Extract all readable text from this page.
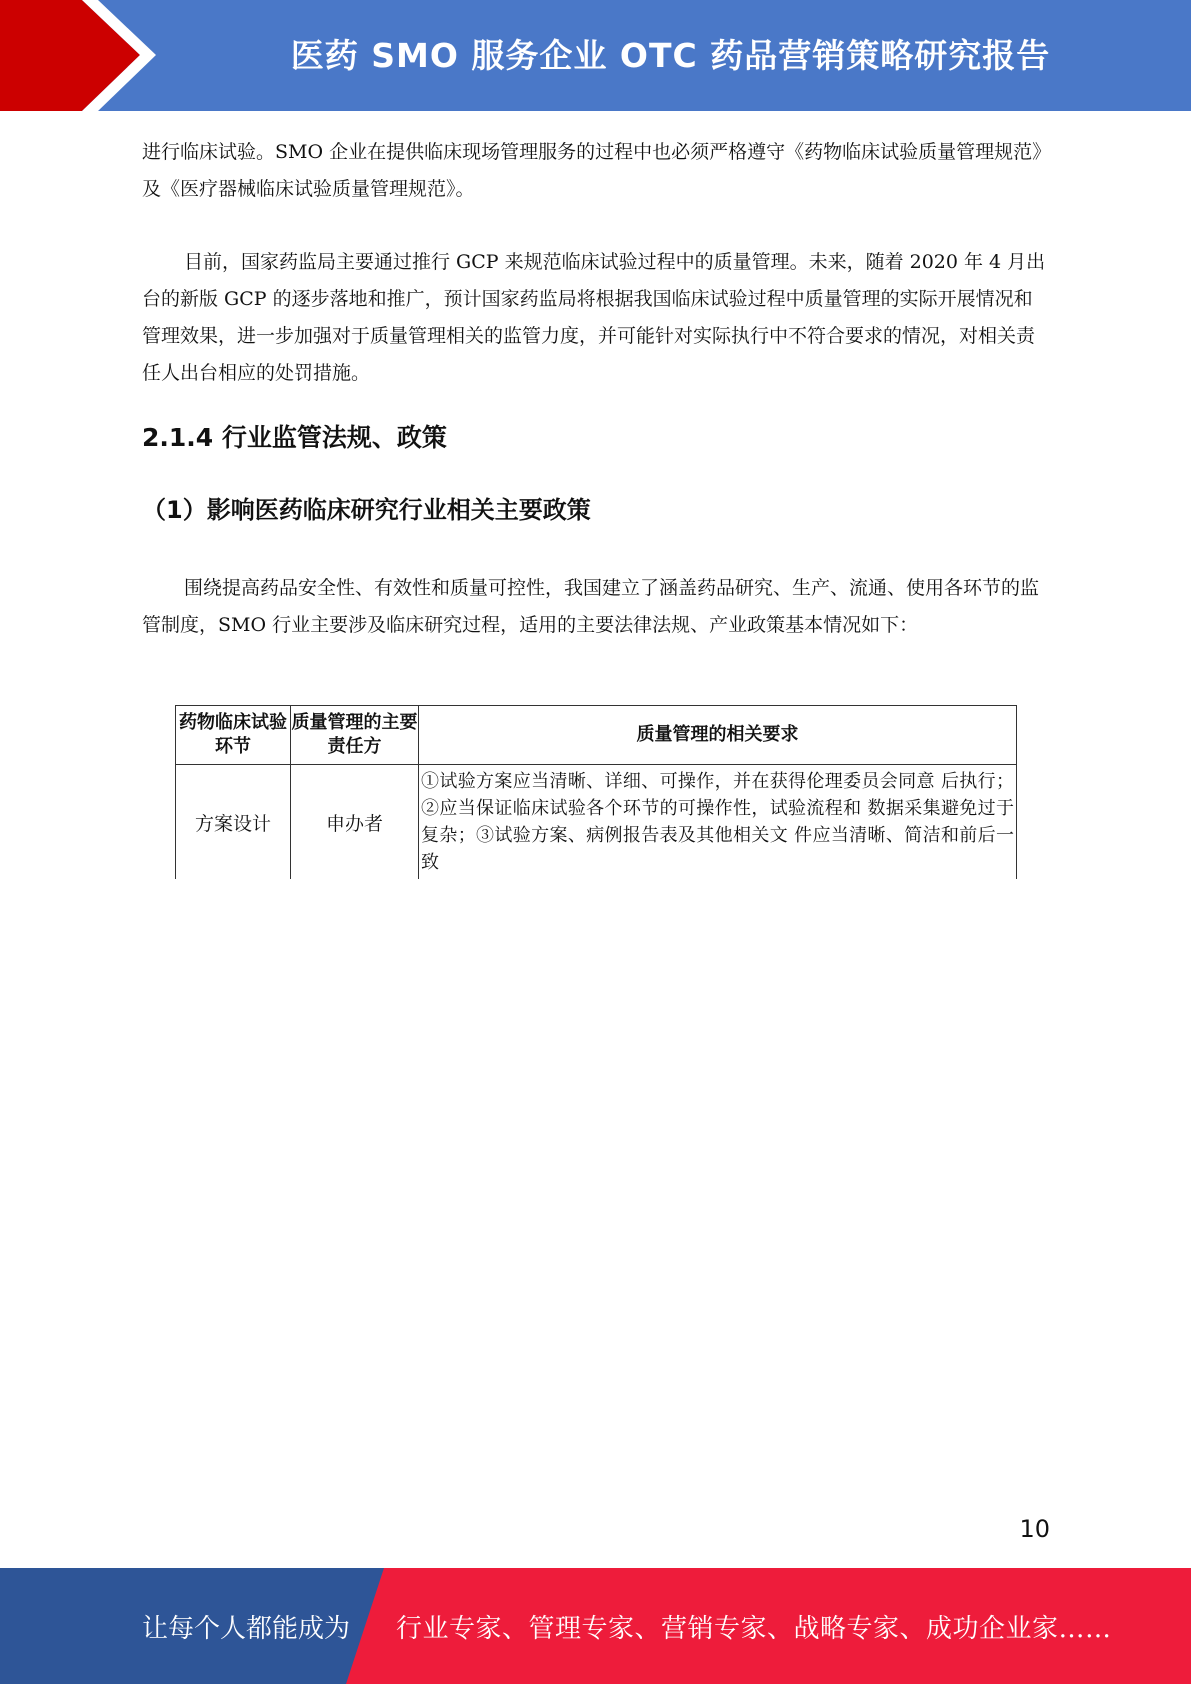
医药 SMO 服务企业 OTC 药品营销策略研究报告

进行临床试验。SMO 企业在提供临床现场管理服务的过程中也必须严格遵守《药物临床试验质量管理规范》及《医疗器械临床试验质量管理规范》。

目前，国家药监局主要通过推行 GCP 来规范临床试验过程中的质量管理。未来，随着 2020 年 4 月出台的新版 GCP 的逐步落地和推广，预计国家药监局将根据我国临床试验过程中质量管理的实际开展情况和管理效果，进一步加强对于质量管理相关的监管力度，并可能针对实际执行中不符合要求的情况，对相关责任人出台相应的处罚措施。

2.1.4 行业监管法规、政策
（1）影响医药临床研究行业相关主要政策

围绕提高药品安全性、有效性和质量可控性，我国建立了涵盖药品研究、生产、流通、使用各环节的监管制度，SMO 行业主要涉及临床研究过程，适用的主要法律法规、产业政策基本情况如下：

药物临床试验环节	质量管理的主要责任方	质量管理的相关要求
方案设计	申办者	①试验方案应当清晰、详细、可操作，并在获得伦理委员会同意 后执行；②应当保证临床试验各个环节的可操作性，试验流程和 数据采集避免过于复杂；③试验方案、病例报告表及其他相关文 件应当清晰、简洁和前后一致
10
让每个人都能成为 行业专家、管理专家、营销专家、战略专家、成功企业家……
